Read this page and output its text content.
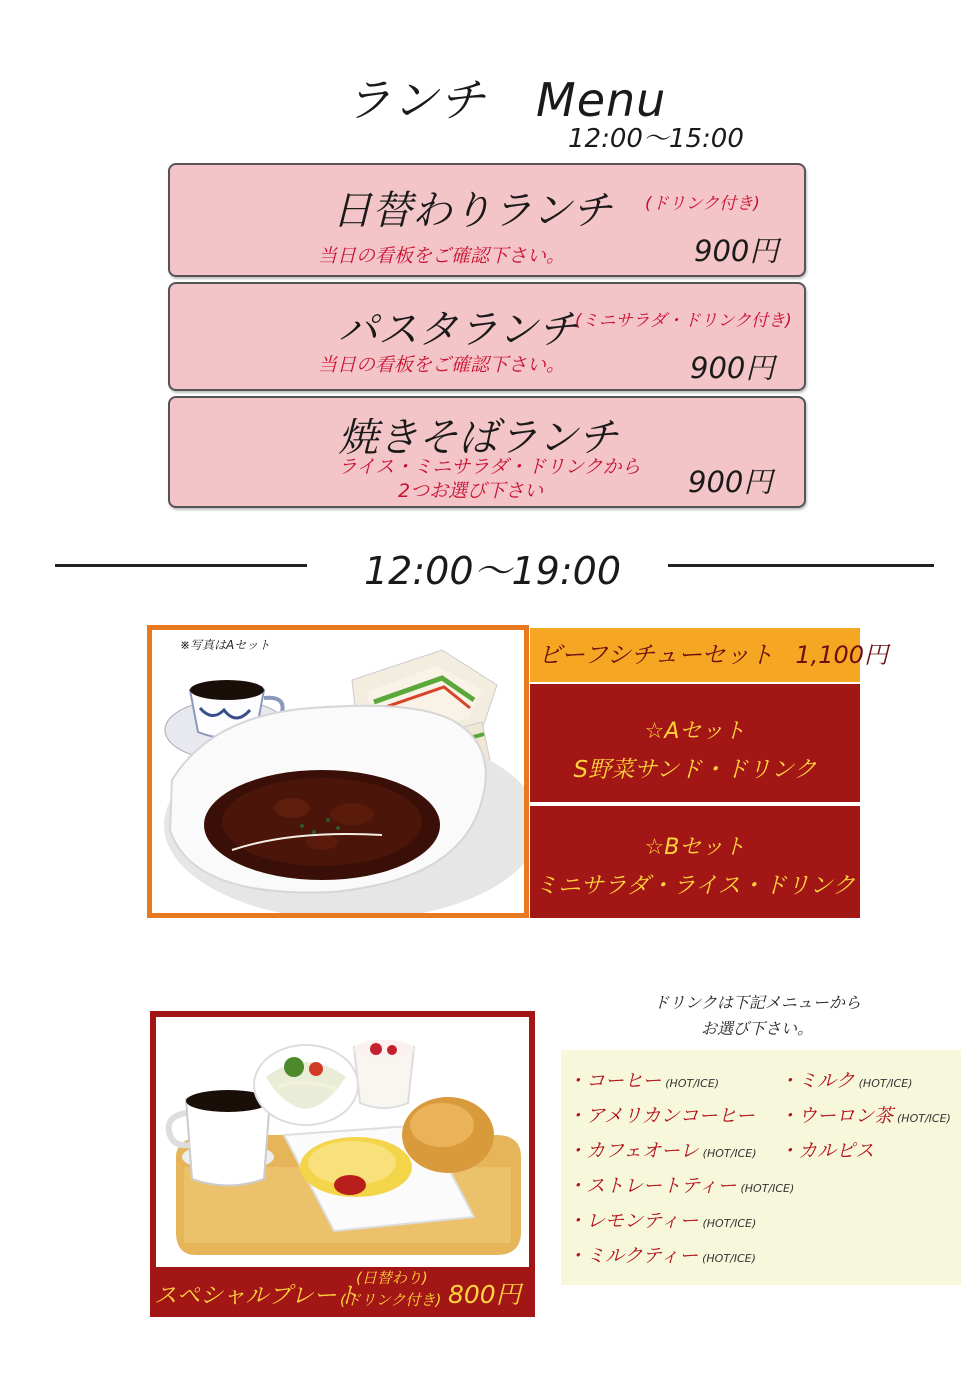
ランチ Menu
12:00～15:00
日替わりランチ (ドリンク付き)
当日の看板をご確認下さい。	900円
パスタランチ
(ミニサラダ・ドリンク付き)
当日の看板をご確認下さい。	900円
焼きそばランチ
ライス・ミニサラダ・ドリンクから
2つお選び下さい	900円
12:00～19:00
※写真はAセット	ビーフシチューセット 1,100円
☆Aセット
S野菜サンド・ドリンク
☆Bセット
ミニサラダ・ライス・ドリンク
スペシャルプレート
(日替わり)
(ドリンク付き) 800円
ドリンクは下記メニューから
お選び下さい。
・コーヒー (HOT/ICE)
・アメリカンコーヒー
・カフェオーレ (HOT/ICE)
・ストレートティー (HOT/ICE)
・レモンティー (HOT/ICE)
・ミルクティー (HOT/ICE)
・ミルク (HOT/ICE)
・ウーロン茶 (HOT/ICE)
・カルピス
